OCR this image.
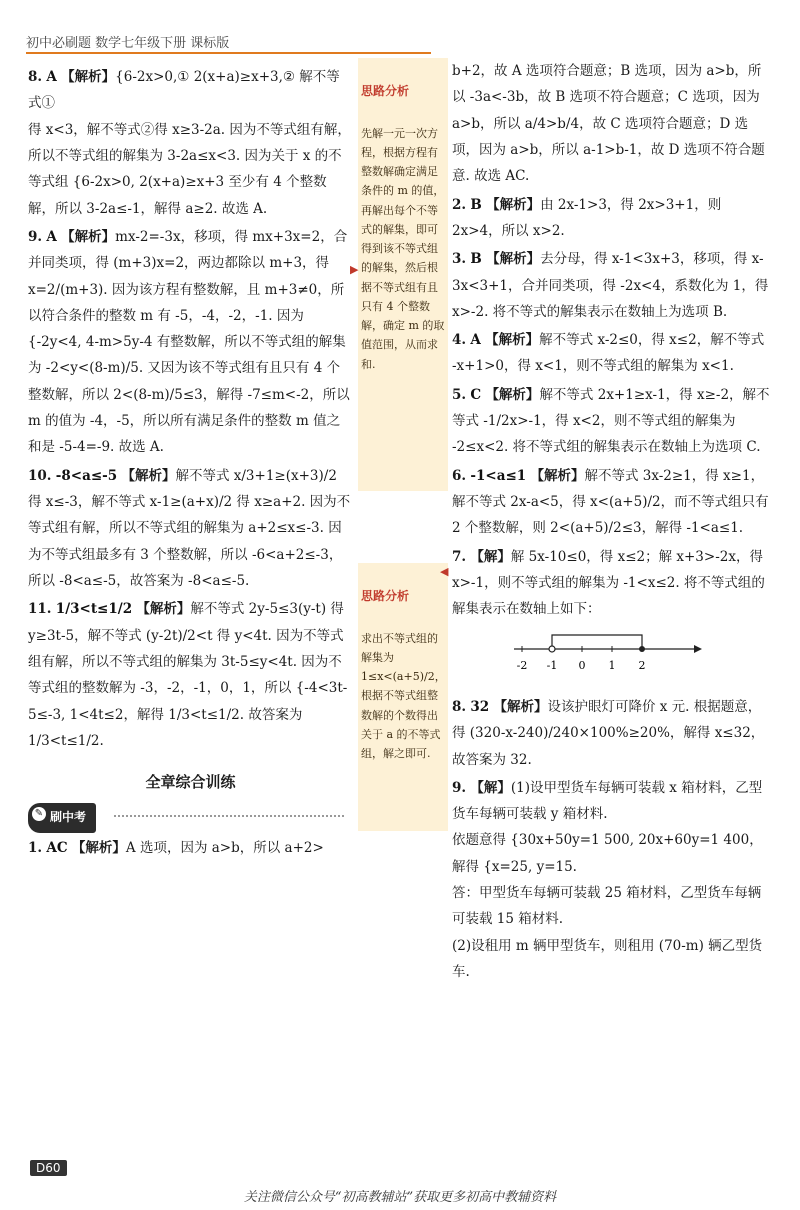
初中必刷题 数学七年级下册 课标版
8. A 【解析】{6-2x>0,① 2(x+a)≥x+3,② 解不等式①
得 x<3，解不等式②得 x≥3-2a. 因为不等式组有解，所以不等式组的解集为 3-2a≤x<3. 因为关于 x 的不等式组 {6-2x>0, 2(x+a)≥x+3 至少有 4 个整数解，所以 3-2a≤-1，解得 a≥2. 故选 A.
9. A 【解析】mx-2=-3x，移项，得 mx+3x=2，合并同类项，得 (m+3)x=2，两边都除以 m+3，得 x=2/(m+3). 因为该方程有整数解，且 m+3≠0，所以符合条件的整数 m 有 -5，-4，-2，-1. 因为 {-2y<4, 4-m>5y-4 有整数解，所以不等式组的解集为 -2<y<(8-m)/5. 又因为该不等式组有且只有 4 个整数解，所以 2<(8-m)/5≤3，解得 -7≤m<-2，所以 m 的值为 -4，-5，所以所有满足条件的整数 m 值之和是 -5-4=-9. 故选 A.
10. -8<a≤-5 【解析】解不等式 x/3+1≥(x+3)/2 得 x≤-3，解不等式 x-1≥(a+x)/2 得 x≥a+2. 因为不等式组有解，所以不等式组的解集为 a+2≤x≤-3. 因为不等式组最多有 3 个整数解，所以 -6<a+2≤-3，所以 -8<a≤-5，故答案为 -8<a≤-5.
11. 1/3<t≤1/2 【解析】解不等式 2y-5≤3(y-t) 得 y≥3t-5，解不等式 (y-2t)/2<t 得 y<4t. 因为不等式组有解，所以不等式组的解集为 3t-5≤y<4t. 因为不等式组的整数解为 -3，-2，-1，0，1，所以 {-4<3t-5≤-3, 1<4t≤2，解得 1/3<t≤1/2. 故答案为 1/3<t≤1/2.
全章综合训练
✎ 刷中考
1. AC 【解析】A 选项，因为 a>b，所以 a+2>

思路分析

先解一元一次方程，根据方程有整数解确定满足条件的 m 的值，再解出每个不等式的解集，即可得到该不等式组的解集，然后根据不等式组有且只有 4 个整数解，确定 m 的取值范围，从而求和.

▶

思路分析

求出不等式组的解集为 1≤x<(a+5)/2，根据不等式组整数解的个数得出关于 a 的不等式组，解之即可.

◀
b+2，故 A 选项符合题意；B 选项，因为 a>b，所以 -3a<-3b，故 B 选项不符合题意；C 选项，因为 a>b，所以 a/4>b/4，故 C 选项符合题意；D 选项，因为 a>b，所以 a-1>b-1，故 D 选项不符合题意. 故选 AC.
2. B 【解析】由 2x-1>3，得 2x>3+1，则 2x>4，所以 x>2.
3. B 【解析】去分母，得 x-1<3x+3，移项，得 x-3x<3+1，合并同类项，得 -2x<4，系数化为 1，得 x>-2. 将不等式的解集表示在数轴上为选项 B.
4. A 【解析】解不等式 x-2≤0，得 x≤2，解不等式 -x+1>0，得 x<1，则不等式组的解集为 x<1.
5. C 【解析】解不等式 2x+1≥x-1，得 x≥-2，解不等式 -1/2x>-1，得 x<2，则不等式组的解集为 -2≤x<2. 将不等式组的解集表示在数轴上为选项 C.
6. -1<a≤1 【解析】解不等式 3x-2≥1，得 x≥1，解不等式 2x-a<5，得 x<(a+5)/2，而不等式组只有 2 个整数解，则 2<(a+5)/2≤3，解得 -1<a≤1.
7. 【解】解 5x-10≤0，得 x≤2；解 x+3>-2x，得 x>-1，则不等式组的解集为 -1<x≤2. 将不等式组的解集表示在数轴上如下：
-2 -1 0 1 2
8. 32 【解析】设该护眼灯可降价 x 元. 根据题意，得 (320-x-240)/240×100%≥20%，解得 x≤32，故答案为 32.
9. 【解】(1)设甲型货车每辆可装载 x 箱材料，乙型货车每辆可装载 y 箱材料.
依题意得 {30x+50y=1 500, 20x+60y=1 400，解得 {x=25, y=15.
答：甲型货车每辆可装载 25 箱材料，乙型货车每辆可装载 15 箱材料.
(2)设租用 m 辆甲型货车，则租用 (70-m) 辆乙型货车.
D60
关注微信公众号“初高教辅站”获取更多初高中教辅资料
